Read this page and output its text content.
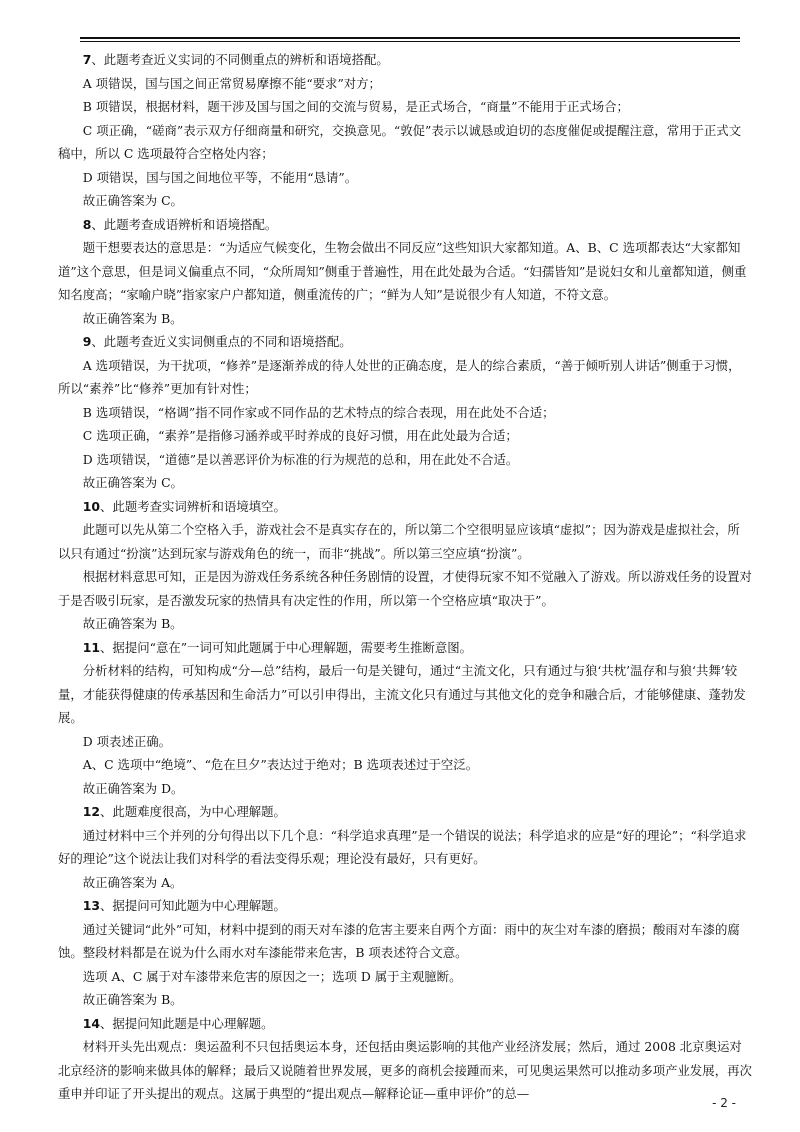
7、此题考查近义实词的不同侧重点的辨析和语境搭配。

A 项错误，国与国之间正常贸易摩擦不能“要求”对方；

B 项错误，根据材料，题干涉及国与国之间的交流与贸易，是正式场合，“商量”不能用于正式场合；

C 项正确，“磋商”表示双方仔细商量和研究，交换意见。“敦促”表示以诚恳或迫切的态度催促或提醒注意，常用于正式文稿中，所以 C 选项最符合空格处内容；

D 项错误，国与国之间地位平等，不能用“恳请”。

故正确答案为 C。

8、此题考查成语辨析和语境搭配。

题干想要表达的意思是：“为适应气候变化，生物会做出不同反应”这些知识大家都知道。A、B、C 选项都表达“大家都知道”这个意思，但是词义偏重点不同，“众所周知”侧重于普遍性，用在此处最为合适。“妇孺皆知”是说妇女和儿童都知道，侧重知名度高；“家喻户晓”指家家户户都知道，侧重流传的广；“鲜为人知”是说很少有人知道，不符文意。

故正确答案为 B。

9、此题考查近义实词侧重点的不同和语境搭配。

A 选项错误，为干扰项，“修养”是逐渐养成的待人处世的正确态度，是人的综合素质，“善于倾听别人讲话”侧重于习惯，所以“素养”比“修养”更加有针对性；

B 选项错误，“格调”指不同作家或不同作品的艺术特点的综合表现，用在此处不合适；

C 选项正确，“素养”是指修习涵养或平时养成的良好习惯，用在此处最为合适；

D 选项错误，“道德”是以善恶评价为标准的行为规范的总和，用在此处不合适。

故正确答案为 C。

10、此题考查实词辨析和语境填空。

此题可以先从第二个空格入手，游戏社会不是真实存在的，所以第二个空很明显应该填“虚拟”；因为游戏是虚拟社会，所以只有通过“扮演”达到玩家与游戏角色的统一，而非“挑战”。所以第三空应填“扮演”。

根据材料意思可知，正是因为游戏任务系统各种任务剧情的设置，才使得玩家不知不觉融入了游戏。所以游戏任务的设置对于是否吸引玩家，是否激发玩家的热情具有决定性的作用，所以第一个空格应填“取决于”。

故正确答案为 B。

11、据提问“意在”一词可知此题属于中心理解题，需要考生推断意图。

分析材料的结构，可知构成“分—总”结构，最后一句是关键句，通过“主流文化，只有通过与狼‘共枕’温存和与狼‘共舞’较量，才能获得健康的传承基因和生命活力”可以引申得出，主流文化只有通过与其他文化的竞争和融合后，才能够健康、蓬勃发展。

D 项表述正确。

A、C 选项中“绝境”、“危在旦夕”表达过于绝对；B 选项表述过于空泛。

故正确答案为 D。

12、此题难度很高，为中心理解题。

通过材料中三个并列的分句得出以下几个息：“科学追求真理”是一个错误的说法；科学追求的应是“好的理论”；“科学追求好的理论”这个说法让我们对科学的看法变得乐观；理论没有最好，只有更好。

故正确答案为 A。

13、据提问可知此题为中心理解题。

通过关键词“此外”可知，材料中提到的雨天对车漆的危害主要来自两个方面：雨中的灰尘对车漆的磨损；酸雨对车漆的腐蚀。整段材料都是在说为什么雨水对车漆能带来危害，B 项表述符合文意。

选项 A、C 属于对车漆带来危害的原因之一；选项 D 属于主观臆断。

故正确答案为 B。

14、据提问知此题是中心理解题。

材料开头先出观点：奥运盈利不只包括奥运本身，还包括由奥运影响的其他产业经济发展；然后，通过 2008 北京奥运对北京经济的影响来做具体的解释；最后又说随着世界发展，更多的商机会接踵而来，可见奥运果然可以推动多项产业发展，再次重申并印证了开头提出的观点。这属于典型的“提出观点—解释论证—重申评价”的总—

- 2 -
